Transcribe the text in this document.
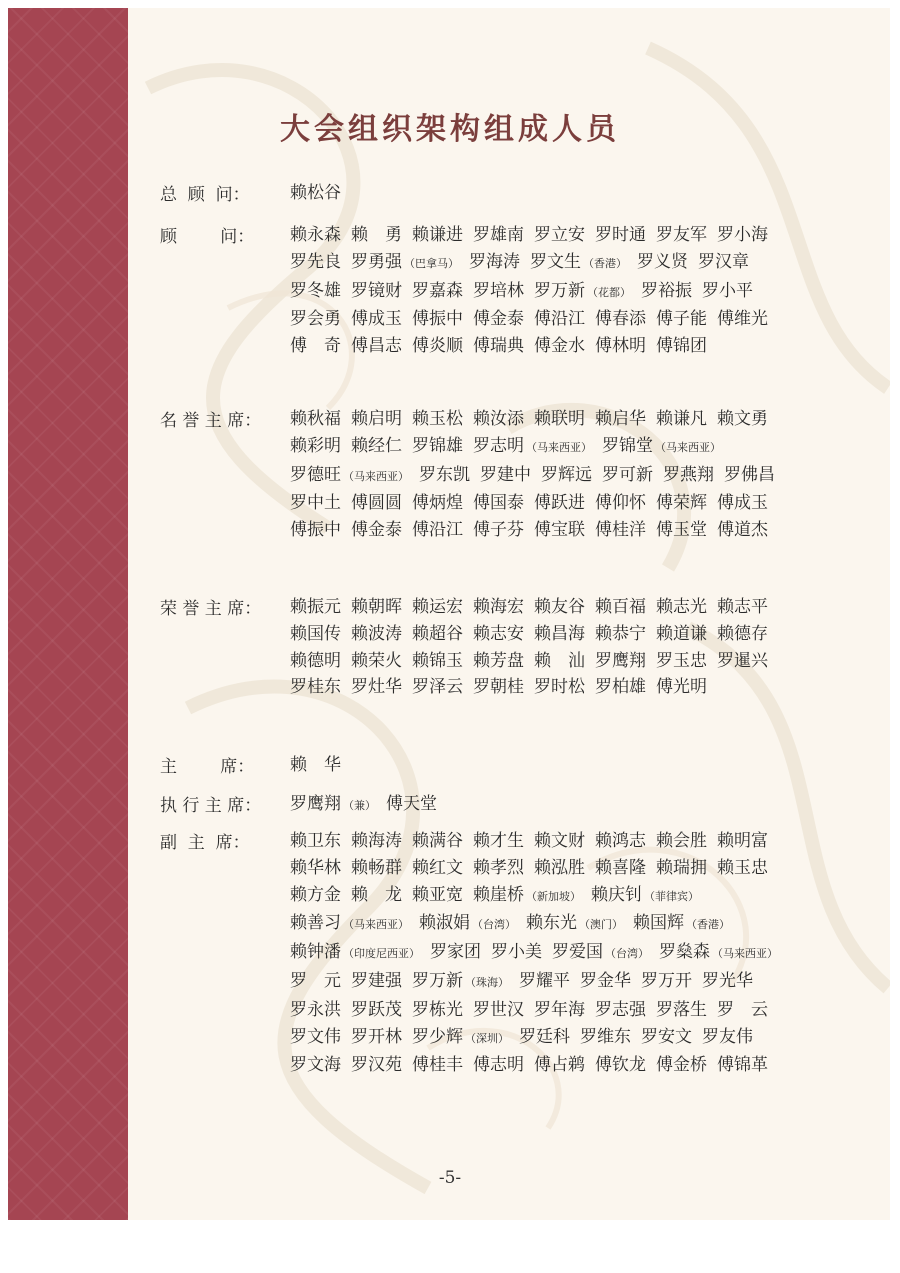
大会组织架构组成人员
总  顾  问： 赖松谷
顾        问： 赖永森 赖　勇 赖谦进 罗雄南 罗立安 罗时通 罗友军 罗小海罗先良 罗勇强 （巴拿马） 罗海涛 罗文生 （香港） 罗义贤 罗汉章罗冬雄 罗镜财 罗嘉森 罗培林 罗万新 （花都） 罗裕振 罗小平罗会勇 傅成玉 傅振中 傅金泰 傅沿江 傅春添 傅子能 傅维光傅　奇 傅昌志 傅炎顺 傅瑞典 傅金水 傅林明 傅锦团
名 誉 主 席： 赖秋福 赖启明 赖玉松 赖汝添 赖联明 赖启华 赖谦凡 赖文勇赖彩明 赖经仁 罗锦雄 罗志明 （马来西亚） 罗锦堂 （马来西亚）罗德旺 （马来西亚） 罗东凯 罗建中 罗辉远 罗可新 罗燕翔 罗佛昌罗中土 傅圆圆 傅炳煌 傅国泰 傅跃进 傅仰怀 傅荣辉 傅成玉傅振中 傅金泰 傅沿江 傅子芬 傅宝联 傅桂洋 傅玉堂 傅道杰
荣 誉 主 席： 赖振元 赖朝晖 赖运宏 赖海宏 赖友谷 赖百福 赖志光 赖志平赖国传 赖波涛 赖超谷 赖志安 赖昌海 赖恭宁 赖道谦 赖德存赖德明 赖荣火 赖锦玉 赖芳盘 赖　汕 罗鹰翔 罗玉忠 罗暹兴罗桂东 罗灶华 罗泽云 罗朝桂 罗时松 罗柏雄 傅光明
主        席： 赖　华
执 行 主 席： 罗鹰翔 （兼） 傅天堂
副  主  席： 赖卫东 赖海涛 赖满谷 赖才生 赖文财 赖鸿志 赖会胜 赖明富赖华林 赖畅群 赖红文 赖孝烈 赖泓胜 赖喜隆 赖瑞拥 赖玉忠赖方金 赖　龙 赖亚宽 赖崖桥 （新加坡） 赖庆钊 （菲律宾）赖善习 （马来西亚） 赖淑娟 （台湾） 赖东光 （澳门） 赖国辉 （香港）赖钟潘 （印度尼西亚） 罗家团 罗小美 罗爱国 （台湾） 罗燊森 （马来西亚）罗　元 罗建强 罗万新 （珠海） 罗耀平 罗金华 罗万开 罗光华罗永洪 罗跃茂 罗栋光 罗世汉 罗年海 罗志强 罗落生 罗　云罗文伟 罗开林 罗少辉 （深圳） 罗廷科 罗维东 罗安文 罗友伟罗文海 罗汉苑 傅桂丰 傅志明 傅占鹈 傅钦龙 傅金桥 傅锦革
-5-
